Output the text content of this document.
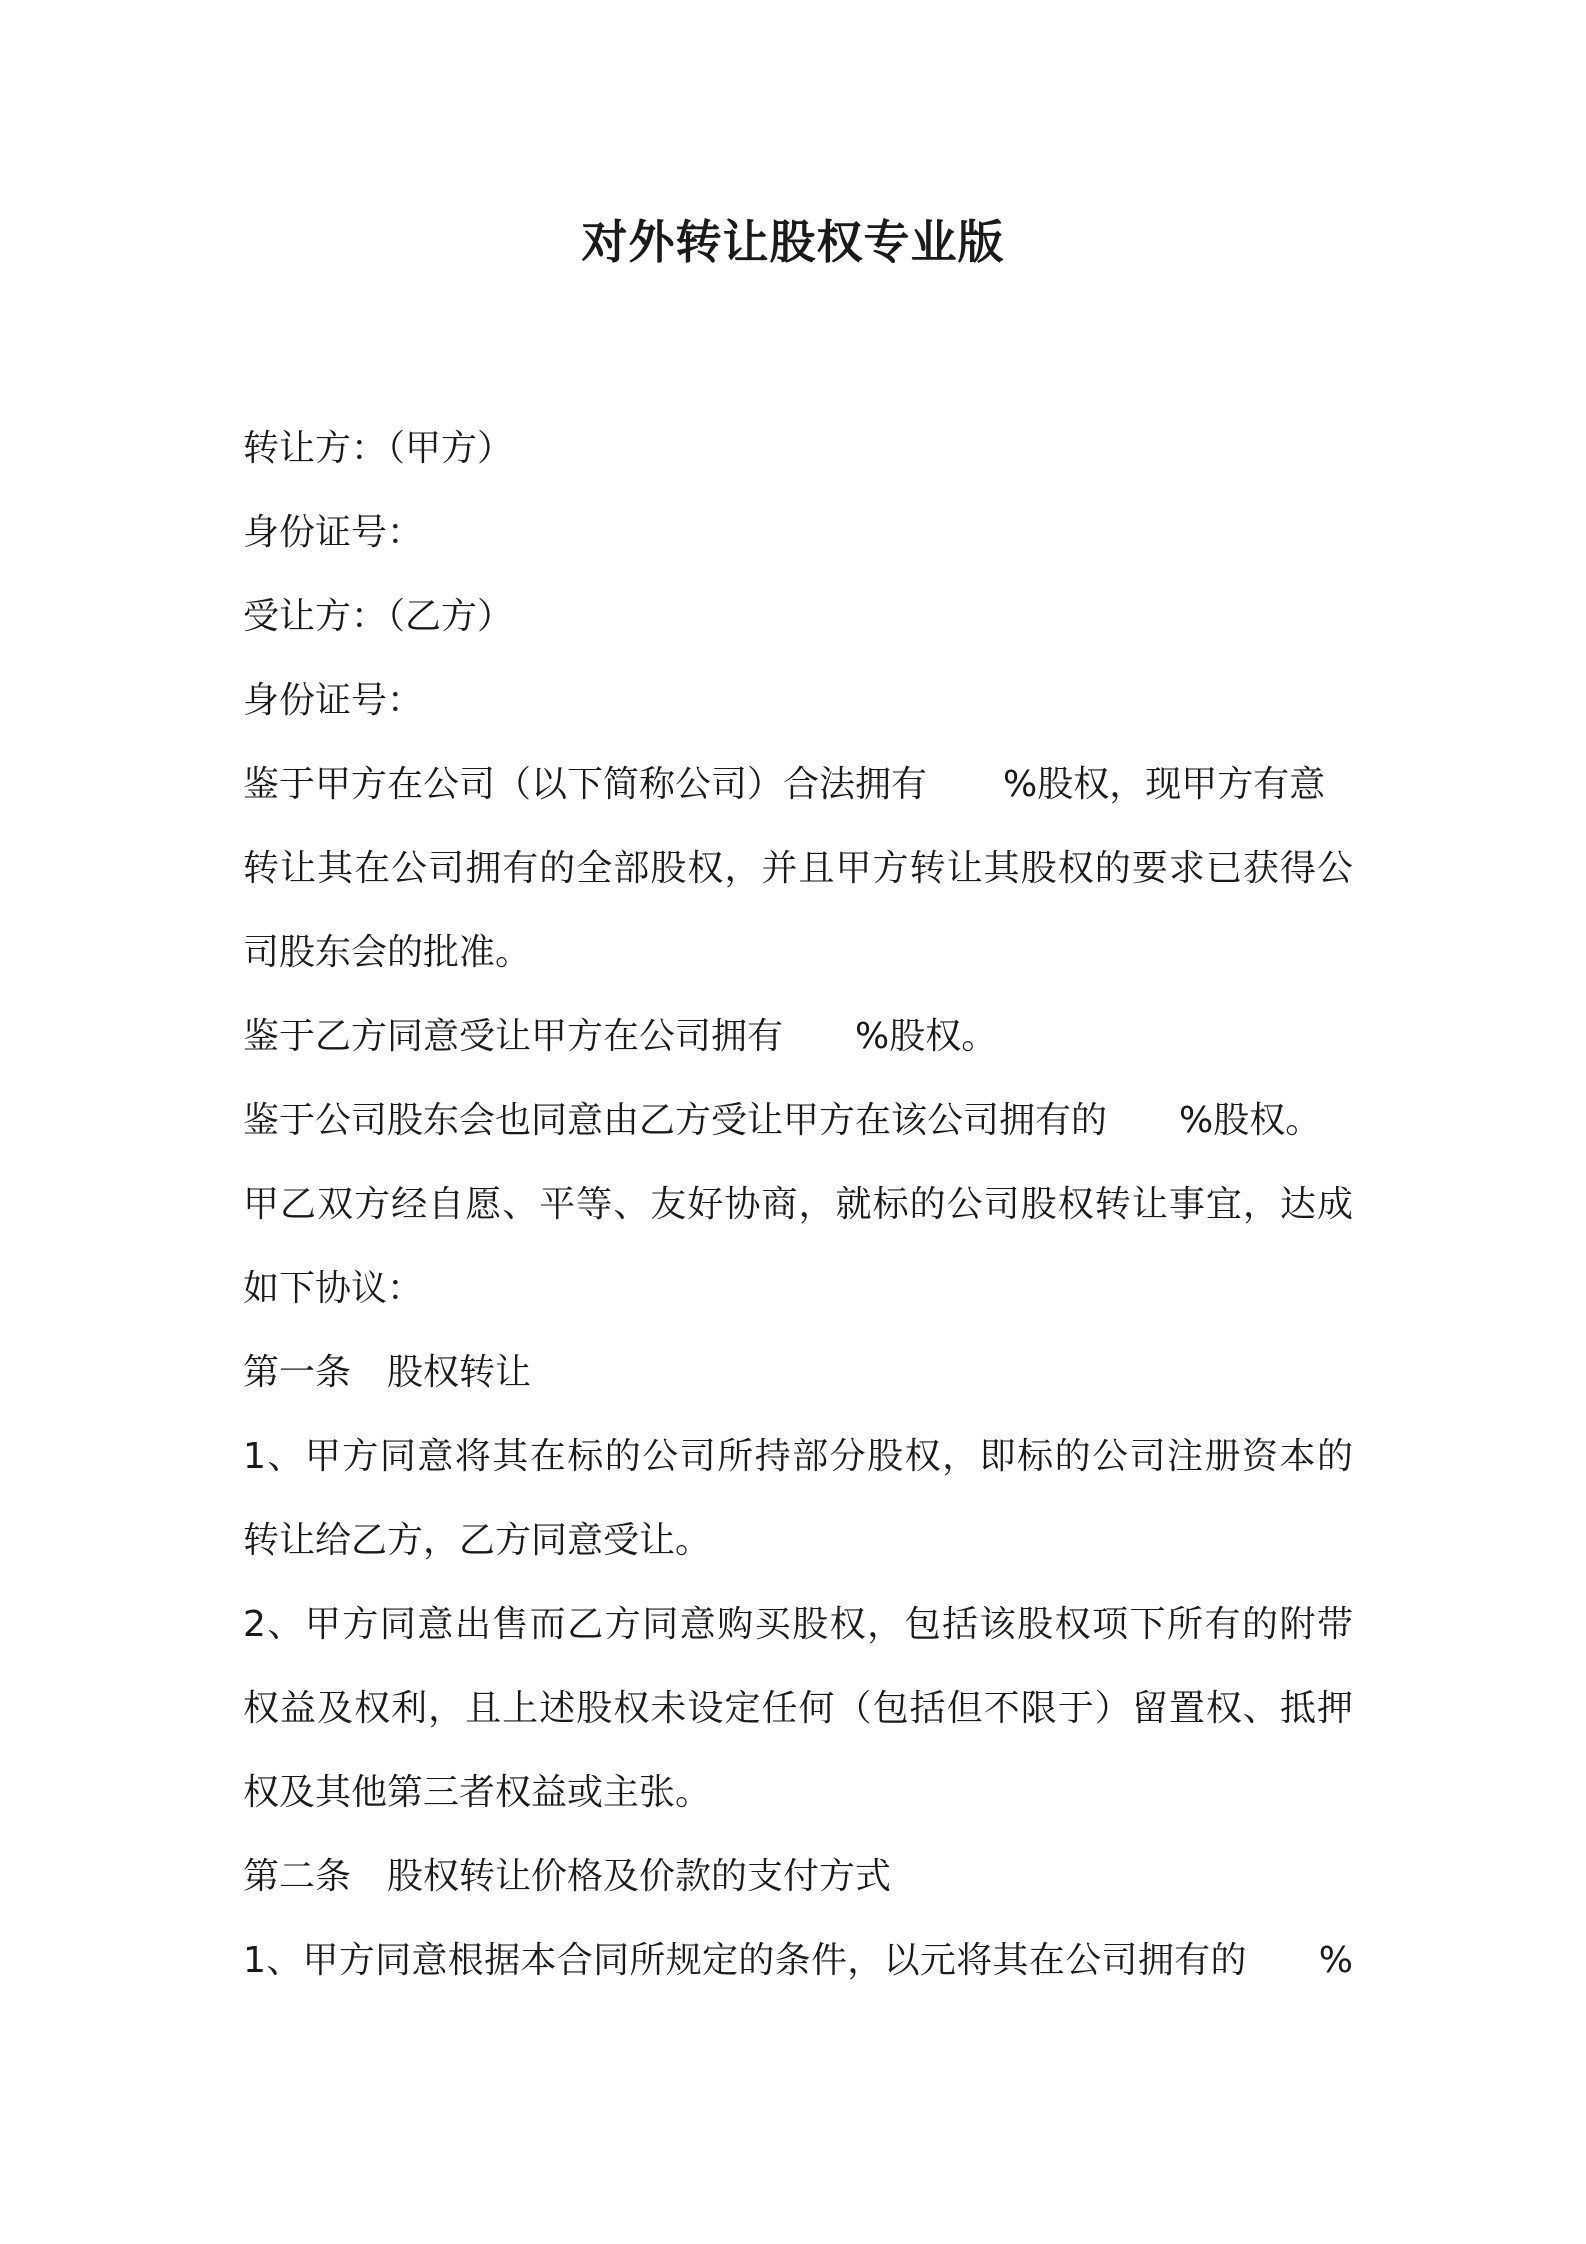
对外转让股权专业版
转让方：（甲方）
身份证号：
受让方：（乙方）
身份证号：
鉴于甲方在公司（以下简称公司）合法拥有 %股权，现甲方有意
转让其在公司拥有的全部股权，并且甲方转让其股权的要求已获得公
司股东会的批准。
鉴于乙方同意受让甲方在公司拥有 %股权。
鉴于公司股东会也同意由乙方受让甲方在该公司拥有的 %股权。
甲乙双方经自愿、平等、友好协商，就标的公司股权转让事宜，达成
如下协议：
第一条 股权转让
1、甲方同意将其在标的公司所持部分股权，即标的公司注册资本的
转让给乙方，乙方同意受让。
2、甲方同意出售而乙方同意购买股权，包括该股权项下所有的附带
权益及权利，且上述股权未设定任何（包括但不限于）留置权、抵押
权及其他第三者权益或主张。
第二条 股权转让价格及价款的支付方式
1、甲方同意根据本合同所规定的条件，以元将其在公司拥有的 %
